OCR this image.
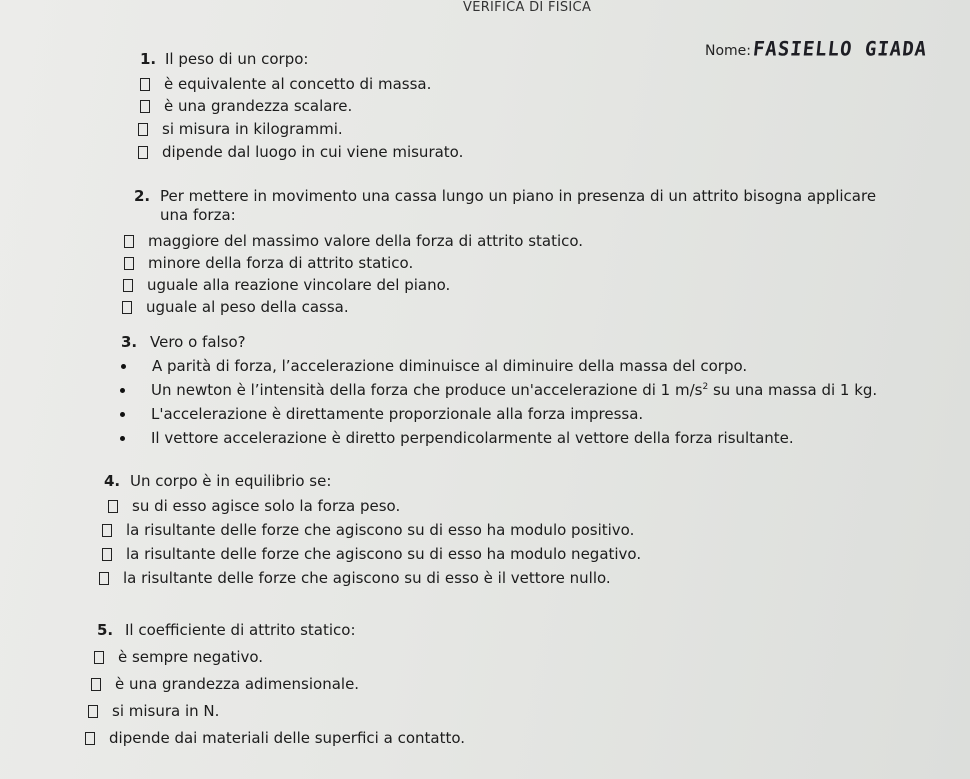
VERIFICA DI FISICA
Nome: FASIELLO GIADA
1. Il peso di un corpo:
è equivalente al concetto di massa.
è una grandezza scalare.
si misura in kilogrammi.
dipende dal luogo in cui viene misurato.
2. Per mettere in movimento una cassa lungo un piano in presenza di un attrito bisogna applicare una forza:
maggiore del massimo valore della forza di attrito statico.
minore della forza di attrito statico.
uguale alla reazione vincolare del piano.
uguale al peso della cassa.
3. Vero o falso?
A parità di forza, l’accelerazione diminuisce al diminuire della massa del corpo.
Un newton è l’intensità della forza che produce un'accelerazione di 1 $m/s^2$ su una massa di 1 kg.
L'accelerazione è direttamente proporzionale alla forza impressa.
Il vettore accelerazione è diretto perpendicolarmente al vettore della forza risultante.
4. Un corpo è in equilibrio se:
su di esso agisce solo la forza peso.
la risultante delle forze che agiscono su di esso ha modulo positivo.
la risultante delle forze che agiscono su di esso ha modulo negativo.
la risultante delle forze che agiscono su di esso è il vettore nullo.
5. Il coefficiente di attrito statico:
è sempre negativo.
è una grandezza adimensionale.
si misura in N.
dipende dai materiali delle superfici a contatto.
